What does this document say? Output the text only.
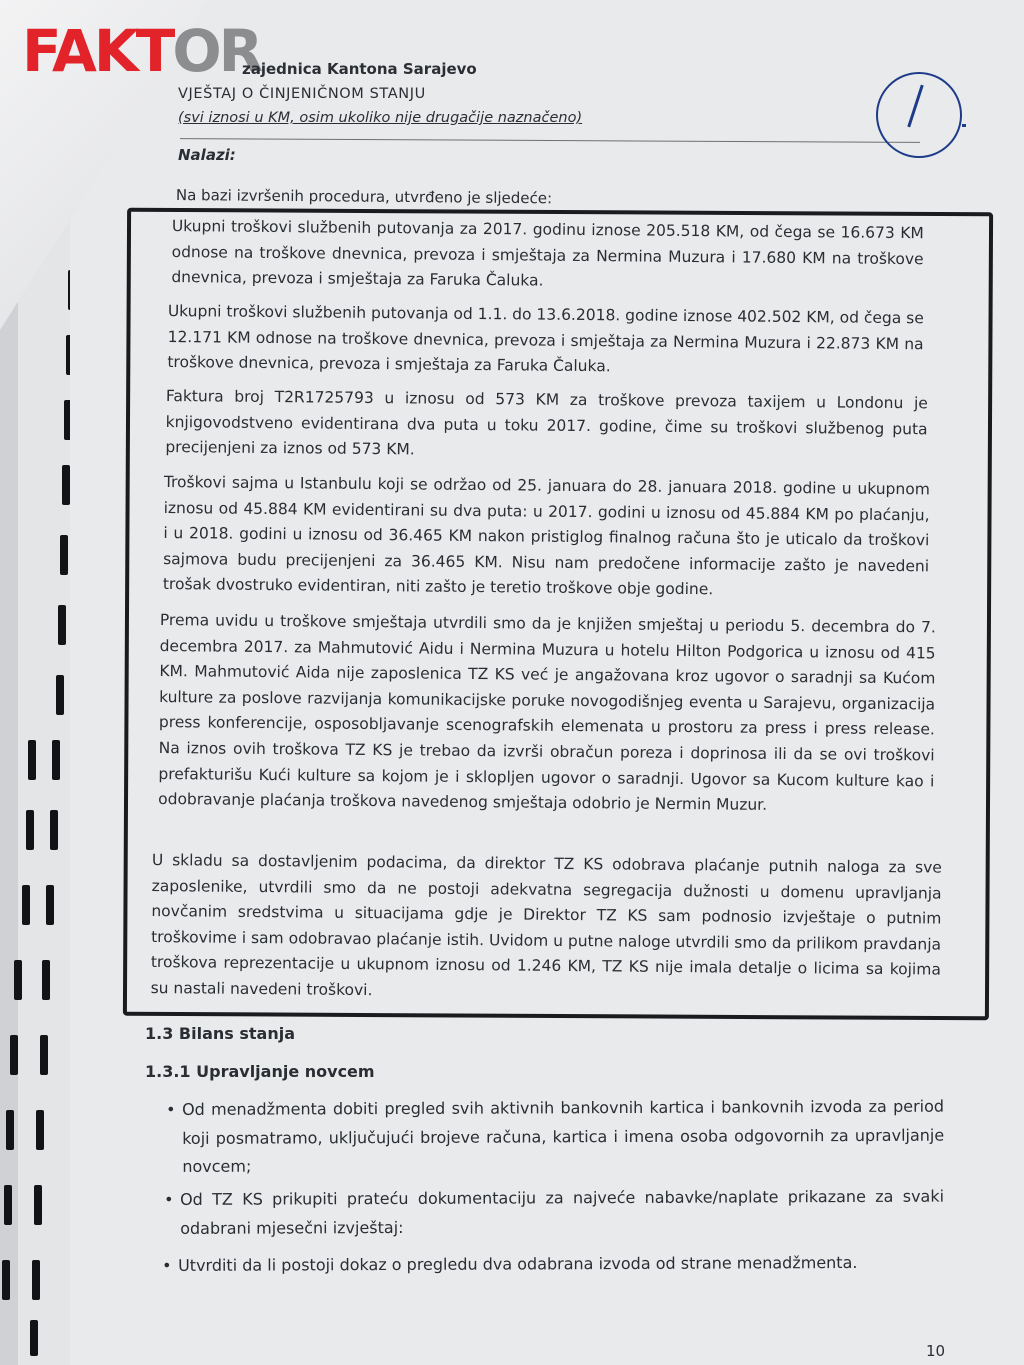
FAKTOR
zajednica Kantona Sarajevo
VJEŠTAJ O ČINJENIČNOM STANJU
(svi iznosi u KM, osim ukoliko nije drugačije naznačeno)
Nalazi:
Na bazi izvršenih procedura, utvrđeno je sljedeće:
Ukupni troškovi službenih putovanja za 2017. godinu iznose 205.518 KM, od čega se 16.673 KM odnose na troškove dnevnica, prevoza i smještaja za Nermina Muzura i 17.680 KM na troškove dnevnica, prevoza i smještaja za Faruka Čaluka.
Ukupni troškovi službenih putovanja od 1.1. do 13.6.2018. godine iznose 402.502 KM, od čega se 12.171 KM odnose na troškove dnevnica, prevoza i smještaja za Nermina Muzura i 22.873 KM na troškove dnevnica, prevoza i smještaja za Faruka Čaluka.
Faktura broj T2R1725793 u iznosu od 573 KM za troškove prevoza taxijem u Londonu je knjigovodstveno evidentirana dva puta u toku 2017. godine, čime su troškovi službenog puta precijenjeni za iznos od 573 KM.
Troškovi sajma u Istanbulu koji se održao od 25. januara do 28. januara 2018. godine u ukupnom iznosu od 45.884 KM evidentirani su dva puta: u 2017. godini u iznosu od 45.884 KM po plaćanju, i u 2018. godini u iznosu od 36.465 KM nakon pristiglog finalnog računa što je uticalo da troškovi sajmova budu precijenjeni za 36.465 KM. Nisu nam predočene informacije zašto je navedeni trošak dvostruko evidentiran, niti zašto je teretio troškove obje godine.
Prema uvidu u troškove smještaja utvrdili smo da je knjižen smještaj u periodu 5. decembra do 7. decembra 2017. za Mahmutović Aidu i Nermina Muzura u hotelu Hilton Podgorica u iznosu od 415 KM. Mahmutović Aida nije zaposlenica TZ KS već je angažovana kroz ugovor o saradnji sa Kućom kulture za poslove razvijanja komunikacijske poruke novogodišnjeg eventa u Sarajevu, organizacija press konferencije, osposobljavanje scenografskih elemenata u prostoru za press i press release. Na iznos ovih troškova TZ KS je trebao da izvrši obračun poreza i doprinosa ili da se ovi troškovi prefakturišu Kući kulture sa kojom je i sklopljen ugovor o saradnji. Ugovor sa Kucom kulture kao i odobravanje plaćanja troškova navedenog smještaja odobrio je Nermin Muzur.
U skladu sa dostavljenim podacima, da direktor TZ KS odobrava plaćanje putnih naloga za sve zaposlenike, utvrdili smo da ne postoji adekvatna segregacija dužnosti u domenu upravljanja novčanim sredstvima u situacijama gdje je Direktor TZ KS sam podnosio izvještaje o putnim troškovime i sam odobravao plaćanje istih. Uvidom u putne naloge utvrdili smo da prilikom pravdanja troškova reprezentacije u ukupnom iznosu od 1.246 KM, TZ KS nije imala detalje o licima sa kojima su nastali navedeni troškovi.
1.3 Bilans stanja
1.3.1 Upravljanje novcem
• Od menadžmenta dobiti pregled svih aktivnih bankovnih kartica i bankovnih izvoda za period koji posmatramo, uključujući brojeve računa, kartica i imena osoba odgovornih za upravljanje novcem;
• Od TZ KS prikupiti prateću dokumentaciju za najveće nabavke/naplate prikazane za svaki odabrani mjesečni izvještaj:
• Utvrditi da li postoji dokaz o pregledu dva odabrana izvoda od strane menadžmenta.
10
